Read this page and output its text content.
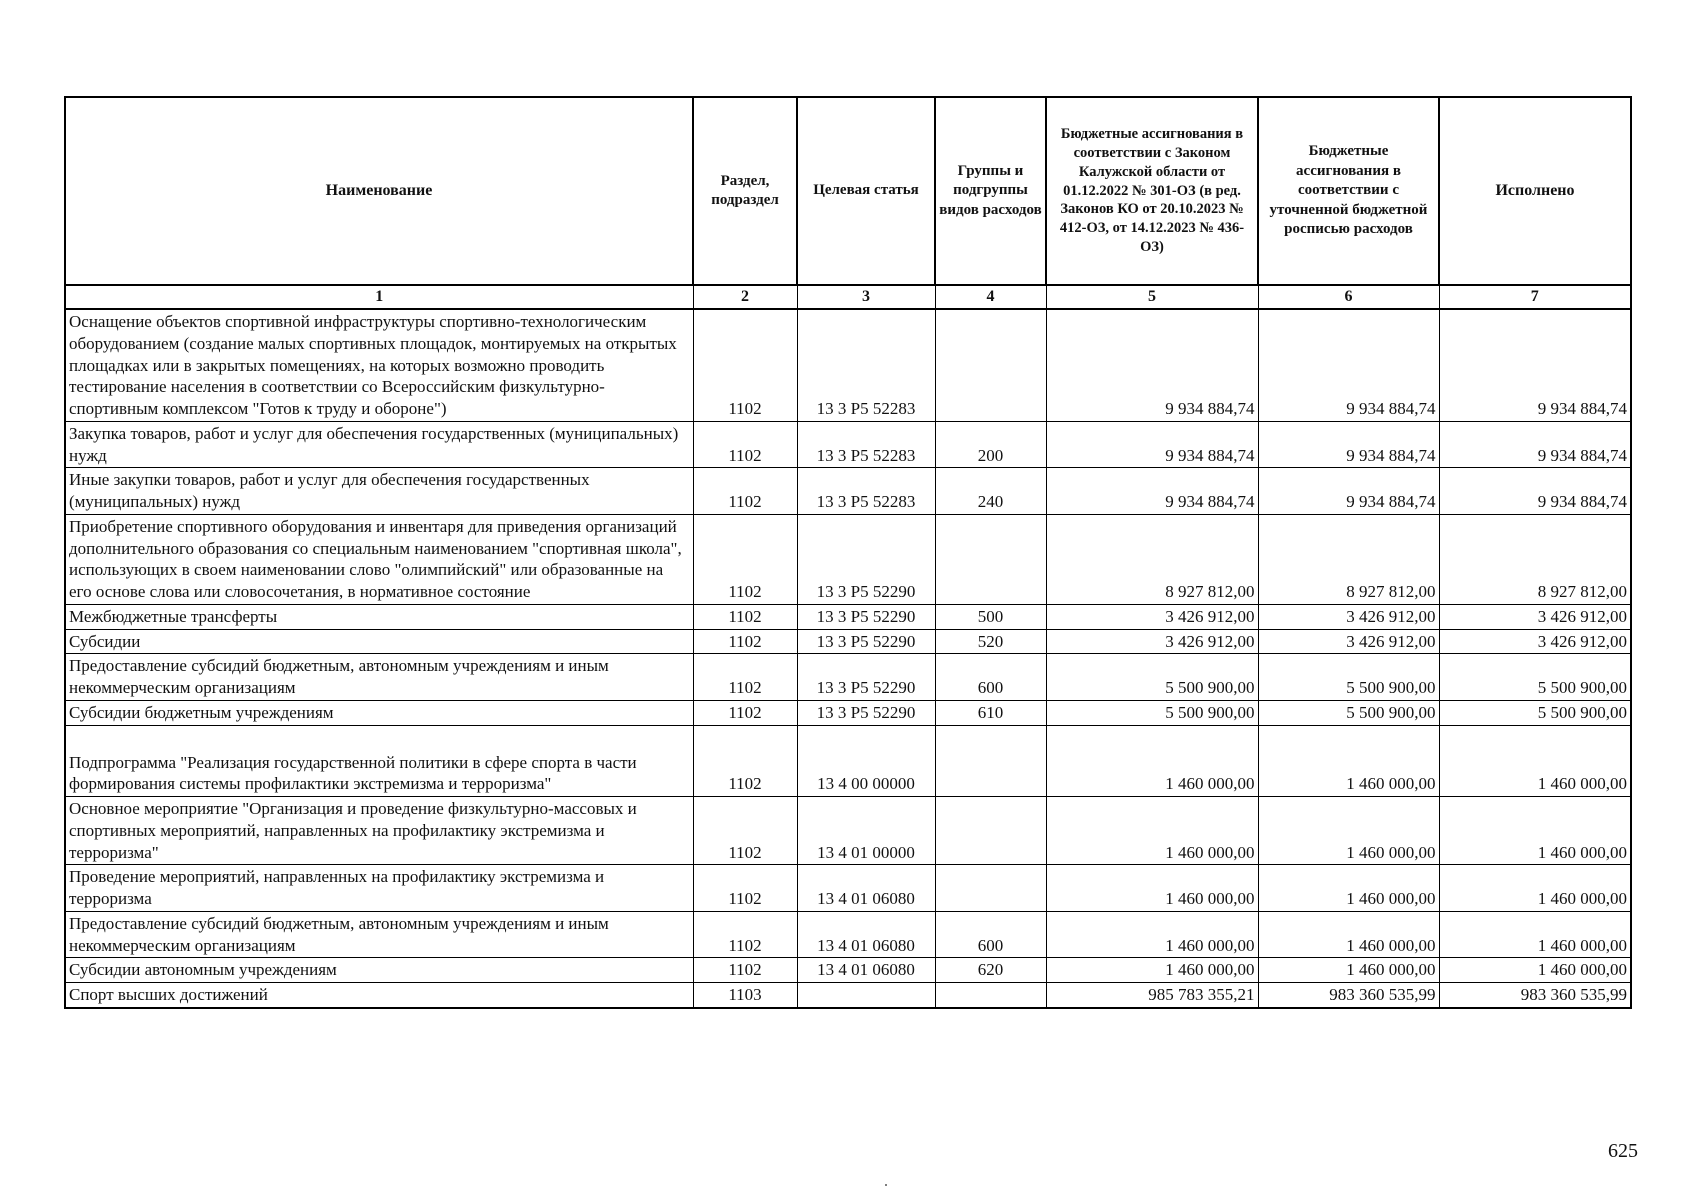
Наименование	Раздел, подраздел	Целевая статья	Группы и подгруппы видов расходов	Бюджетные ассигнования в соответствии с Законом Калужской области от 01.12.2022 № 301-ОЗ (в ред. Законов КО от 20.10.2023 № 412-ОЗ, от 14.12.2023 № 436-ОЗ)	Бюджетные ассигнования в соответствии с уточненной бюджетной росписью расходов	Исполнено
1	2	3	4	5	6	7
Оснащение объектов спортивной инфраструктуры спортивно-технологическим оборудованием (создание малых спортивных площадок, монтируемых на открытых площадках или в закрытых помещениях, на которых возможно проводить тестирование населения в соответствии со Всероссийским физкультурно-спортивным комплексом "Готов к труду и обороне")	1102	13 3 P5 52283		9 934 884,74	9 934 884,74	9 934 884,74
Закупка товаров, работ и услуг для обеспечения государственных (муниципальных) нужд	1102	13 3 P5 52283	200	9 934 884,74	9 934 884,74	9 934 884,74
Иные закупки товаров, работ и услуг для обеспечения государственных (муниципальных) нужд	1102	13 3 P5 52283	240	9 934 884,74	9 934 884,74	9 934 884,74
Приобретение спортивного оборудования и инвентаря для приведения организаций дополнительного образования со специальным наименованием "спортивная школа", использующих в своем наименовании слово "олимпийский" или образованные на его основе слова или словосочетания, в нормативное состояние	1102	13 3 P5 52290		8 927 812,00	8 927 812,00	8 927 812,00
Межбюджетные трансферты	1102	13 3 P5 52290	500	3 426 912,00	3 426 912,00	3 426 912,00
Субсидии	1102	13 3 P5 52290	520	3 426 912,00	3 426 912,00	3 426 912,00
Предоставление субсидий бюджетным, автономным учреждениям и иным некоммерческим организациям	1102	13 3 P5 52290	600	5 500 900,00	5 500 900,00	5 500 900,00
Субсидии бюджетным учреждениям	1102	13 3 P5 52290	610	5 500 900,00	5 500 900,00	5 500 900,00
Подпрограмма "Реализация государственной политики в сфере спорта в части формирования системы профилактики экстремизма и терроризма"	1102	13 4 00 00000		1 460 000,00	1 460 000,00	1 460 000,00
Основное мероприятие "Организация и проведение физкультурно-массовых и спортивных мероприятий, направленных на профилактику экстремизма и терроризма"	1102	13 4 01 00000		1 460 000,00	1 460 000,00	1 460 000,00
Проведение мероприятий, направленных на профилактику экстремизма и терроризма	1102	13 4 01 06080		1 460 000,00	1 460 000,00	1 460 000,00
Предоставление субсидий бюджетным, автономным учреждениям и иным некоммерческим организациям	1102	13 4 01 06080	600	1 460 000,00	1 460 000,00	1 460 000,00
Субсидии автономным учреждениям	1102	13 4 01 06080	620	1 460 000,00	1 460 000,00	1 460 000,00
Спорт высших достижений	1103			985 783 355,21	983 360 535,99	983 360 535,99
625
